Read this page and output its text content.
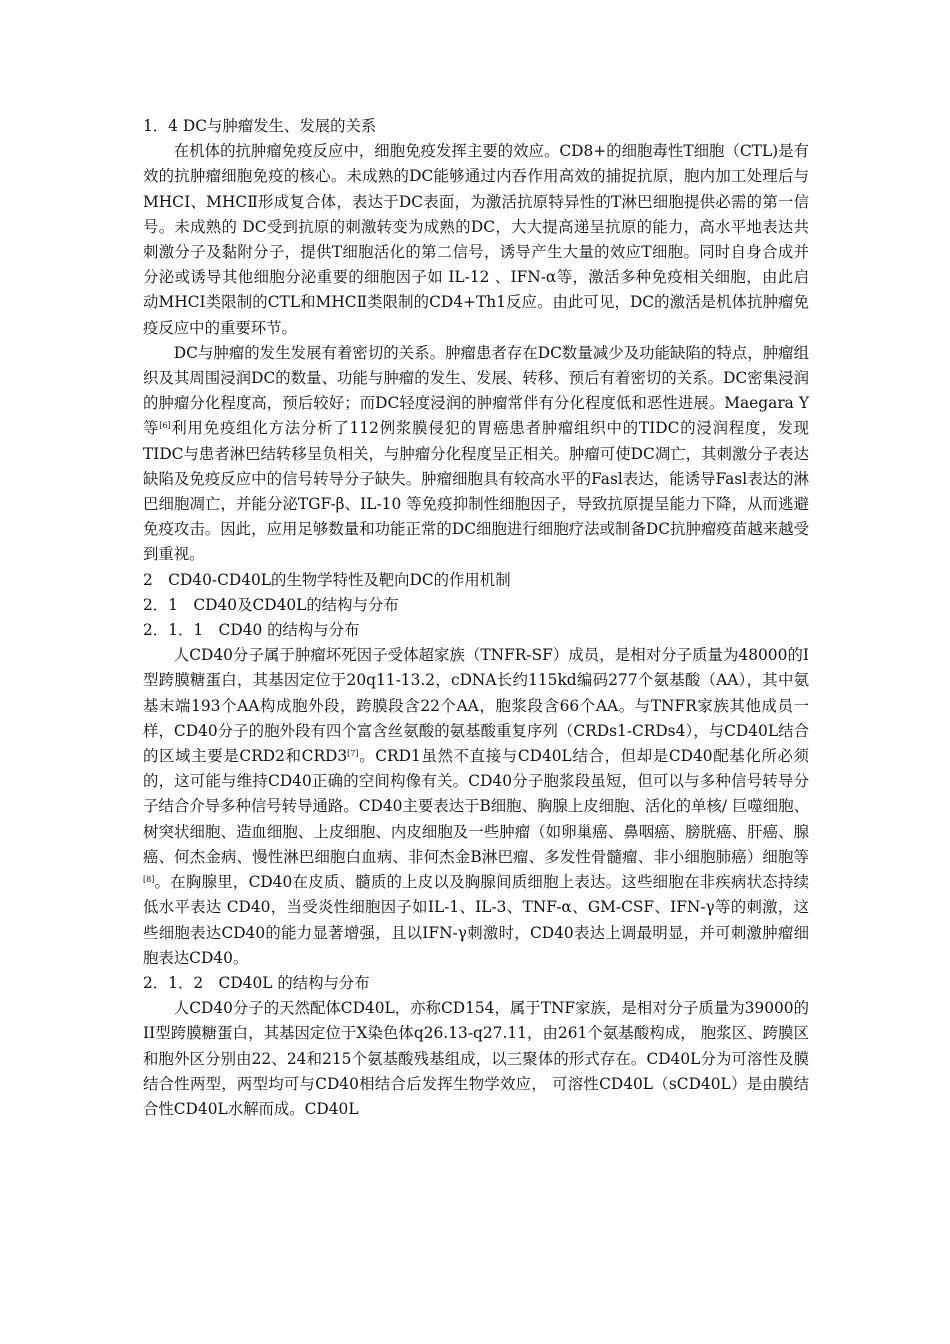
1．4 DC与肿瘤发生、发展的关系

在机体的抗肿瘤免疫反应中，细胞免疫发挥主要的效应。CD8+的细胞毒性T细胞（CTL)是有效的抗肿瘤细胞免疫的核心。未成熟的DC能够通过内吞作用高效的捕捉抗原，胞内加工处理后与MHCⅠ、MHCⅡ形成复合体，表达于DC表面，为激活抗原特异性的T淋巴细胞提供必需的第一信号。未成熟的 DC受到抗原的刺激转变为成熟的DC，大大提高递呈抗原的能力，高水平地表达共刺激分子及黏附分子，提供T细胞活化的第二信号，诱导产生大量的效应T细胞。同时自身合成并分泌或诱导其他细胞分泌重要的细胞因子如 IL-12 、IFN-α等，激活多种免疫相关细胞，由此启动MHCⅠ类限制的CTL和MHCⅡ类限制的CD4+Th1反应。由此可见，DC的激活是机体抗肿瘤免疫反应中的重要环节。

DC与肿瘤的发生发展有着密切的关系。肿瘤患者存在DC数量减少及功能缺陷的特点，肿瘤组织及其周围浸润DC的数量、功能与肿瘤的发生、发展、转移、预后有着密切的关系。DC密集浸润的肿瘤分化程度高，预后较好；而DC轻度浸润的肿瘤常伴有分化程度低和恶性进展。Maegara Y等[6]利用免疫组化方法分析了112例浆膜侵犯的胃癌患者肿瘤组织中的TIDC的浸润程度，发现TIDC与患者淋巴结转移呈负相关，与肿瘤分化程度呈正相关。肿瘤可使DC凋亡，其刺激分子表达缺陷及免疫反应中的信号转导分子缺失。肿瘤细胞具有较高水平的Fasl表达，能诱导Fasl表达的淋巴细胞凋亡，并能分泌TGF-β、IL-10 等免疫抑制性细胞因子，导致抗原提呈能力下降，从而逃避免疫攻击。因此，应用足够数量和功能正常的DC细胞进行细胞疗法或制备DC抗肿瘤疫苗越来越受到重视。

2　CD40-CD40L的生物学特性及靶向DC的作用机制

2．1　CD40及CD40L的结构与分布

2．1．1　CD40 的结构与分布

人CD40分子属于肿瘤坏死因子受体超家族（TNFR-SF）成员，是相对分子质量为48000的I型跨膜糖蛋白，其基因定位于20q11-13.2，cDNA长约115kd编码277个氨基酸（AA），其中氨基末端193个AA构成胞外段，跨膜段含22个AA，胞浆段含66个AA。与TNFR家族其他成员一样，CD40分子的胞外段有四个富含丝氨酸的氨基酸重复序列（CRDs1-CRDs4），与CD40L结合的区域主要是CRD2和CRD3[7]。CRD1虽然不直接与CD40L结合，但却是CD40配基化所必须的，这可能与维持CD40正确的空间构像有关。CD40分子胞浆段虽短，但可以与多种信号转导分子结合介导多种信号转导通路。CD40主要表达于B细胞、胸腺上皮细胞、活化的单核/ 巨噬细胞、树突状细胞、造血细胞、上皮细胞、内皮细胞及一些肿瘤（如卵巢癌、鼻咽癌、膀胱癌、肝癌、腺癌、何杰金病、慢性淋巴细胞白血病、非何杰金B淋巴瘤、多发性骨髓瘤、非小细胞肺癌）细胞等[8]。在胸腺里，CD40在皮质、髓质的上皮以及胸腺间质细胞上表达。这些细胞在非疾病状态持续低水平表达 CD40，当受炎性细胞因子如IL-1、IL-3、TNF-α、GM-CSF、IFN-γ等的刺激，这些细胞表达CD40的能力显著增强，且以IFN-γ刺激时，CD40表达上调最明显，并可刺激肿瘤细胞表达CD40。

2．1．2　CD40L 的结构与分布

人CD40分子的天然配体CD40L，亦称CD154，属于TNF家族，是相对分子质量为39000的II型跨膜糖蛋白，其基因定位于X染色体q26.13-q27.11，由261个氨基酸构成， 胞浆区、跨膜区和胞外区分别由22、24和215个氨基酸残基组成，以三聚体的形式存在。CD40L分为可溶性及膜结合性两型，两型均可与CD40相结合后发挥生物学效应， 可溶性CD40L（sCD40L）是由膜结合性CD40L水解而成。CD40L
